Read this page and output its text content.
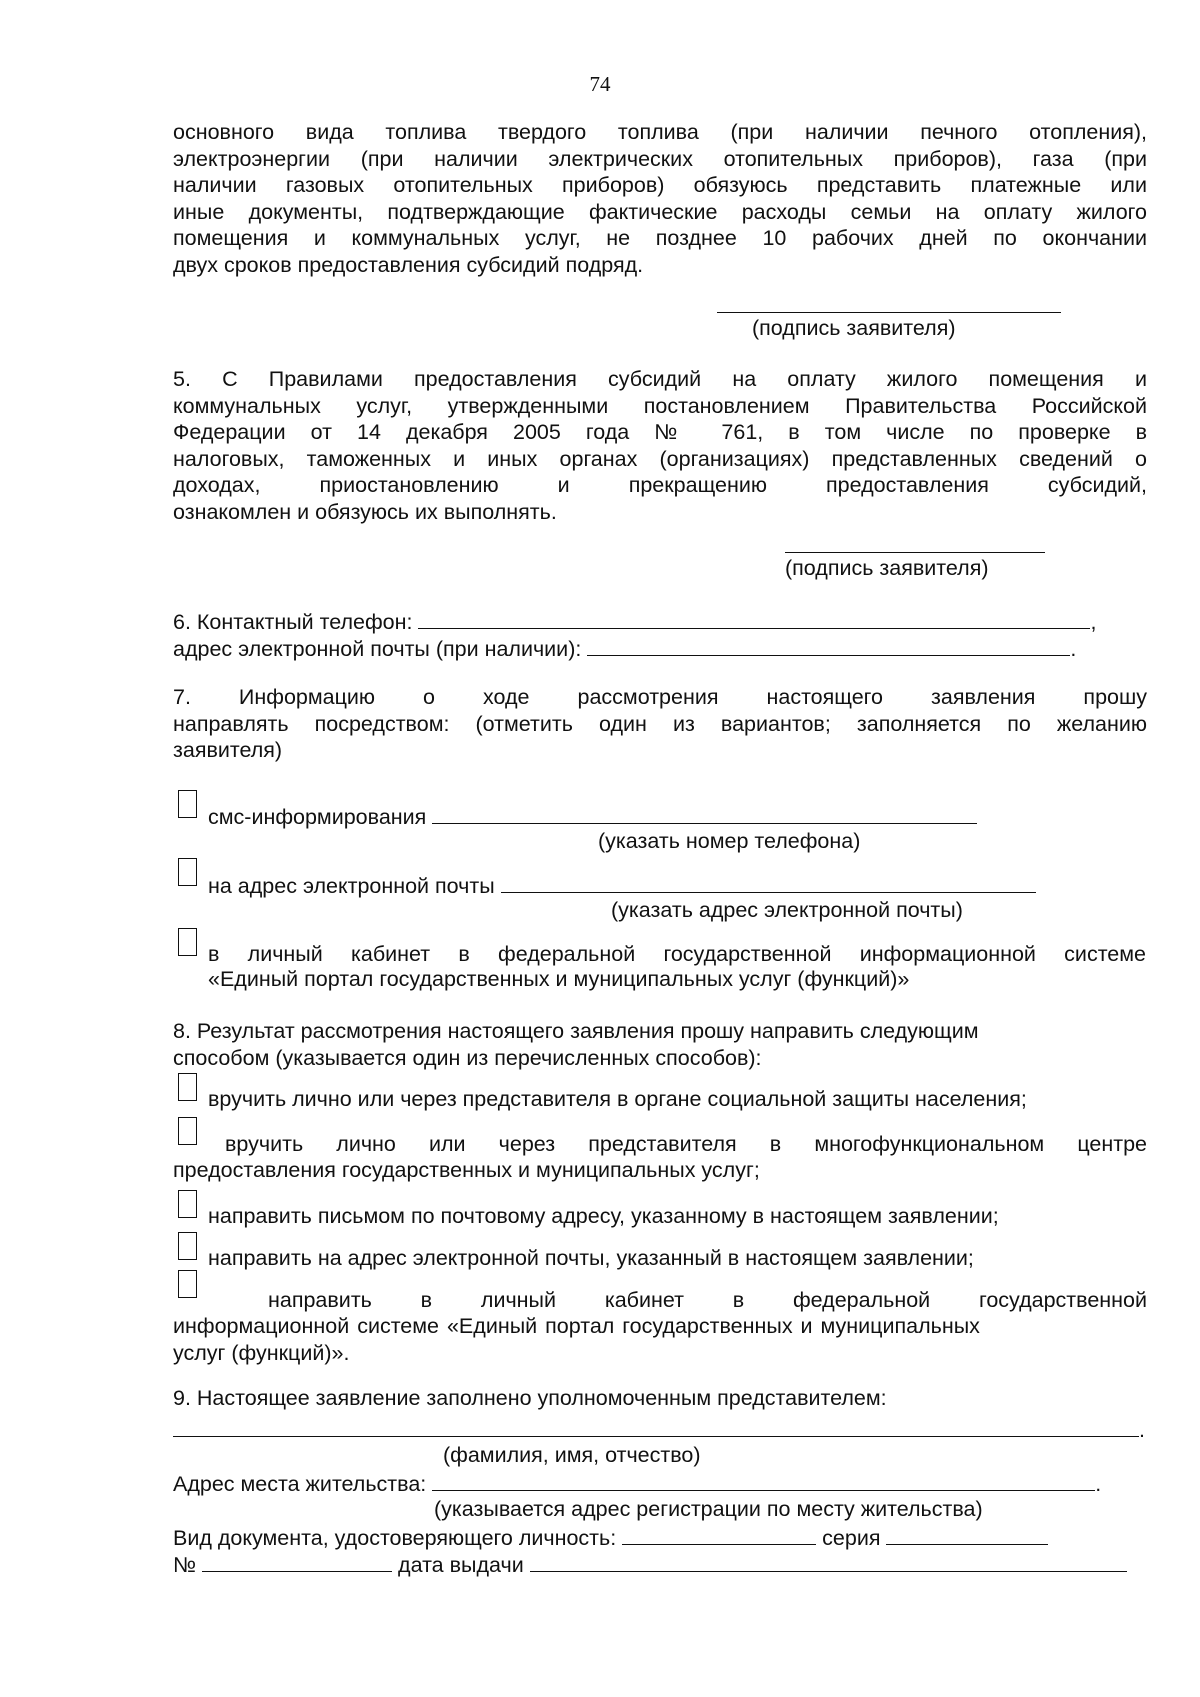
74
основного вида топлива твердого топлива (при наличии печного отопления),
электроэнергии (при наличии электрических отопительных приборов), газа (при
наличии газовых отопительных приборов) обязуюсь представить платежные или
иные документы, подтверждающие фактические расходы семьи на оплату жилого
помещения и коммунальных услуг, не позднее 10 рабочих дней по окончании
двух сроков предоставления субсидий подряд.
(подпись заявителя)
5. С Правилами предоставления субсидий на оплату жилого помещения и
коммунальных услуг, утвержденными постановлением Правительства Российской
Федерации от 14 декабря 2005 года № 761, в том числе по проверке в
налоговых, таможенных и иных органах (организациях) представленных сведений о
доходах, приостановлению и прекращению предоставления субсидий,
ознакомлен и обязуюсь их выполнять.
(подпись заявителя)
6. Контактный телефон:	,
адрес электронной почты (при наличии):	.
7. Информацию о ходе рассмотрения настоящего заявления прошу
направлять посредством: (отметить один из вариантов; заполняется по желанию
заявителя)
смс-информирования
(указать номер телефона)
на адрес электронной почты
(указать адрес электронной почты)
в личный кабинет в федеральной государственной информационной системе
«Единый портал государственных и муниципальных услуг (функций)»
8. Результат рассмотрения настоящего заявления прошу направить следующим
способом (указывается один из перечисленных способов):
вручить лично или через представителя в органе социальной защиты населения;
вручить лично или через представителя в многофункциональном центре
предоставления государственных и муниципальных услуг;
направить письмом по почтовому адресу, указанному в настоящем заявлении;
направить на адрес электронной почты, указанный в настоящем заявлении;
направить в личный кабинет в федеральной государственной
информационной системе «Единый портал государственных и муниципальных
услуг (функций)».
9. Настоящее заявление заполнено уполномоченным представителем:
.
(фамилия, имя, отчество)
Адрес места жительства:	.
(указывается адрес регистрации по месту жительства)
Вид документа, удостоверяющего личность:	серия
№	дата выдачи
